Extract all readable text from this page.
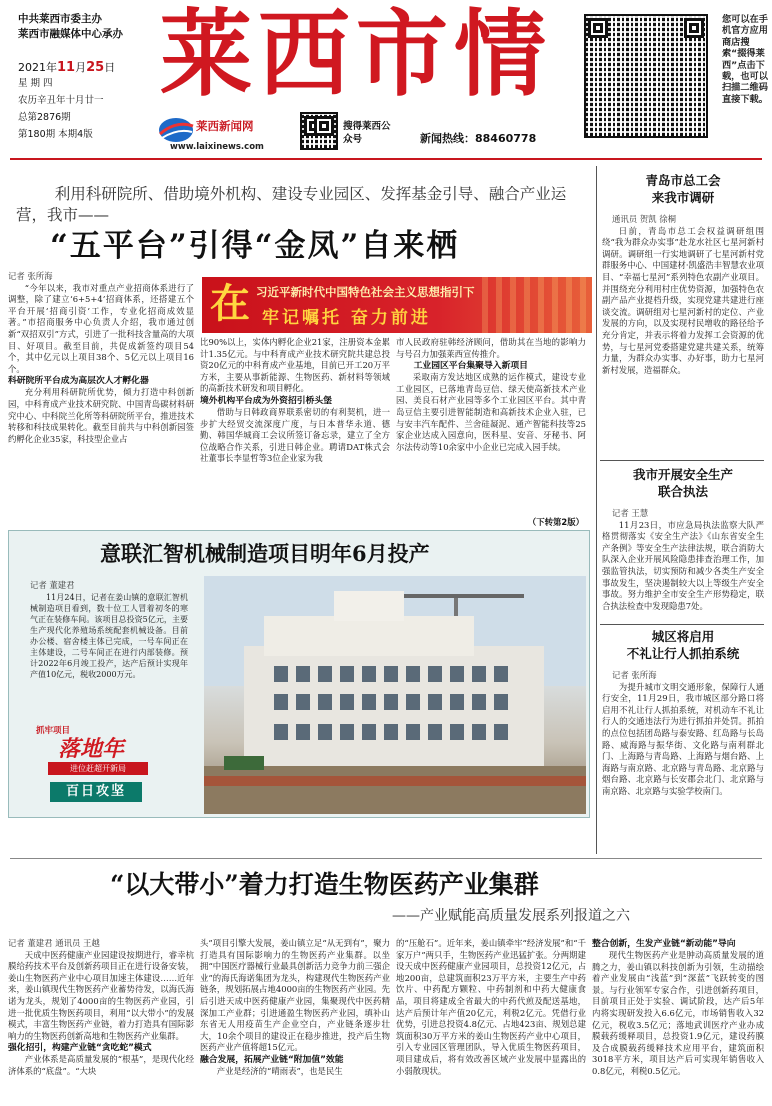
中共莱西市委主办
莱西市融媒体中心承办
2021年11月25日
星 期 四
农历辛丑年十月廿一
总第2876期
第180期 本期4版
莱西市情
莱西新闻网
www.laixinews.com
搜得莱西公众号	新闻热线：88460778
您可以在手机官方应用商店搜索“掇得莱西”点击下载，也可以扫描二维码直接下载。
利用科研院所、借助境外机构、建设专业园区、发挥基金引导、融合产业运营，我市——
“五平台”引得“金凤”自来栖
记者 张所海
“今年以来，我市对重点产业招商体系进行了调整，除了建立‘6+5+4’招商体系，还搭建五个平台开展‘招商引资’工作，专业化招商成效显著。”市招商服务中心负责人介绍，我市通过创新“双招双引”方式，引进了一批科技含量高的大项目、好项目。截至目前，共促成新签约项目54个，其中亿元以上项目38个、5亿元以上项目16个。
科研院所平台成为高层次人才孵化器
充分利用科研院所优势，倾力打造中科创新园，中科育成产业技术研究院、中国青岛碳材料研究中心、中科院兰化所等科研院所平台，推进技术转移和科技成果转化。截至目前共与中科创新园签约孵化企业35家，科技型企业占
在 习近平新时代中国特色社会主义思想指引下
牢记嘱托 奋力前进
比90%以上，实体内孵化企业21家，注册资本金累计1.35亿元。与中科育成产业技术研究院共建总投资20亿元的中科育成产业基地，目前已开工20万平方米，主要从事新能源、生物医药、新材料等领域的高新技术研发和项目孵化。
境外机构平台成为外资招引桥头堡
借助与日韩政商界联系密切的有利契机，进一步扩大经贸交流深度广度，与日本普华永道、德勤、韩国华城商工会议所签订备忘录，建立了全方位战略合作关系，引进日韩企业。聘请DAT株式会社董事长李显哲等3位企业家为我
市人民政府驻韩经济顾问，借助其在当地的影响力与号召力加强莱西宣传推介。
工业园区平台集聚导入新项目
采取南方发达地区成熟的运作模式，建设专业工业园区，已落地青岛豆信、绿天使高新技术产业园、美良石材产业园等多个工业园区平台。其中青岛豆信主要引进智能制造和高新技术企业入驻，已与安丰汽车配件、兰舍硅凝泥、通产智能科技等25家企业达成入园意向，医科星、安音、牙秘书、阿尔法传动等10余家中小企业已完成入园手续。
（下转第2版）
意联汇智机械制造项目明年6月投产
记者 董建君
11月24日，记者在姜山镇的意联汇智机械制造项目看到，数十位工人冒着初冬的寒气正在装修车间。该项目总投资5亿元，主要生产现代化养殖场系统配套机械设备。目前办公楼、宿舍楼主体已完成，一号车间正在主体建设，二号车间正在进行内部装修。预计2022年6月竣工投产，达产后预计实现年产值10亿元，税收2000万元。
抓牢项目
落地年
进位赶超开新局
百日攻坚
青岛市总工会
来我市调研
通讯员 贺凯 徐桐
日前，青岛市总工会权益调研组围绕“我为群众办实事”赴龙水社区七星河新村调研。调研组一行实地调研了七星河新村党群服务中心、中国建材·凯盛浩丰智慧农业项目、“幸福七星河”系列特色农副产业项目。并围绕充分利用村庄优势资源，加强特色农副产品产业提档升级，实现党建共建进行座谈交流。调研组对七星河新村的定位、产业发展的方向，以及实现村民增收的路径给予充分肯定，并表示将着力发挥工会资源的优势，与七星河党委搭建党建共建关系，统筹力量，为群众办实事、办好事，助力七星河新村发展，造福群众。
我市开展安全生产
联合执法
记者 王慧
11月23日，市应急局执法监察大队严格贯彻落实《安全生产法》《山东省安全生产条例》等安全生产法律法规，联合消防大队深入企业开展风险隐患排查治理工作，加强监管执法，切实预防和减少各类生产安全事故发生，坚决遏制较大以上等级生产安全事故。努力维护全市安全生产形势稳定，联合执法检查中发现隐患7处。
城区将启用
不礼让行人抓拍系统
记者 张所海
为提升城市文明交通形象，保障行人通行安全，11月29日，我市城区部分路口将启用不礼让行人抓拍系统，对机动车不礼让行人的交通违法行为进行抓拍并处罚。抓拍的点位包括团岛路与泰安路、红岛路与长岛路、威海路与振华街、文化路与南利群北门、上海路与青岛路、上海路与烟台路、上海路与南京路、北京路与青岛路、北京路与烟台路、北京路与长安郡会北门、北京路与南京路、北京路与实验学校南门。
“以大带小”着力打造生物医药产业集群
——产业赋能高质量发展系列报道之六
记者 董建君 通讯员 王越
天成中医药健康产业园建设按期进行，睿幸杭膜给药技术平台及创新药项目正在进行设备安装，姜山生物医药产业中心项目加速主体建设……近年来，姜山镇现代生物医药产业蓄势待发，以海氏海诺为龙头，规划了4000亩的生物医药产业园，引进一批优质生物医药项目，利用“以大带小”的发展模式，丰富生物医药产业链，着力打造具有国际影响力的生物医药创新高地和生物医药产业集群。
强化招引，构建产业链“贪吃蛇”模式
产业体系是高质量发展的“根基”，是现代化经济体系的“底盘”。“大块
头”项目引擎大发展，姜山镇立足“从无到有”，聚力打造具有国际影响力的生物医药产业集群。以坐拥“中国医疗器械行业最具创新活力竞争力前三强企业”的海氏海诺集团为龙头，构建现代生物医药产业链条，规划拓展占地4000亩的生物医药产业园。先后引进天成中医药健康产业园，集聚现代中医药精深加工产业群；引进通盈生物医药产业园，填补山东省无人用疫苗生产企业空白，产业链条逐步壮大，10余个项目的建设正在稳步推进，投产后生物医药产业产值将超15亿元。
融合发展，拓展产业链“附加值”效能
产业是经济的“晴雨表”，也是民生
的“压舱石”。近年来，姜山镇牵牢“经济发展”和“千家万户”两只手，生物医药产业迅猛扩张。分两期建设天成中医药健康产业园项目，总投资12亿元，占地200亩，总建筑面积23万平方米，主要生产中药饮片、中药配方颗粒、中药制剂和中药大健康食品，项目将建成全省最大的中药代煎及配送基地，达产后预计年产值20亿元，利税2亿元。凭借行业优势，引进总投资4.8亿元、占地423亩、规划总建筑面积30万平方米的姜山生物医药产业中心项目，引入专业园区管理团队，导入优质生物医药项目，项目建成后，将有效改善区域产业发展中显露出的小弱散现状。
整合创新，生发产业链“新动能”导向
现代生物医药产业是肿动高质量发展的道腾之力，姜山镇以科技创新为引领，生动描绘着产业发展由“浅蓝”到“深蓝”飞跃转变的图景。与行业领军专家合作，引进创新药项目，目前项目正处于实验、调试阶段，达产后5年内将实现研发投入6.6亿元，市场销售收入32亿元，税收3.5亿元；落地武训医疗产业办成膜载药缓释项目，总投资1.9亿元，建设药膜及合成膜载药缓释技术应用平台，建筑面积3018平方米，项目达产后可实现年销售收入0.8亿元，利税0.5亿元。
